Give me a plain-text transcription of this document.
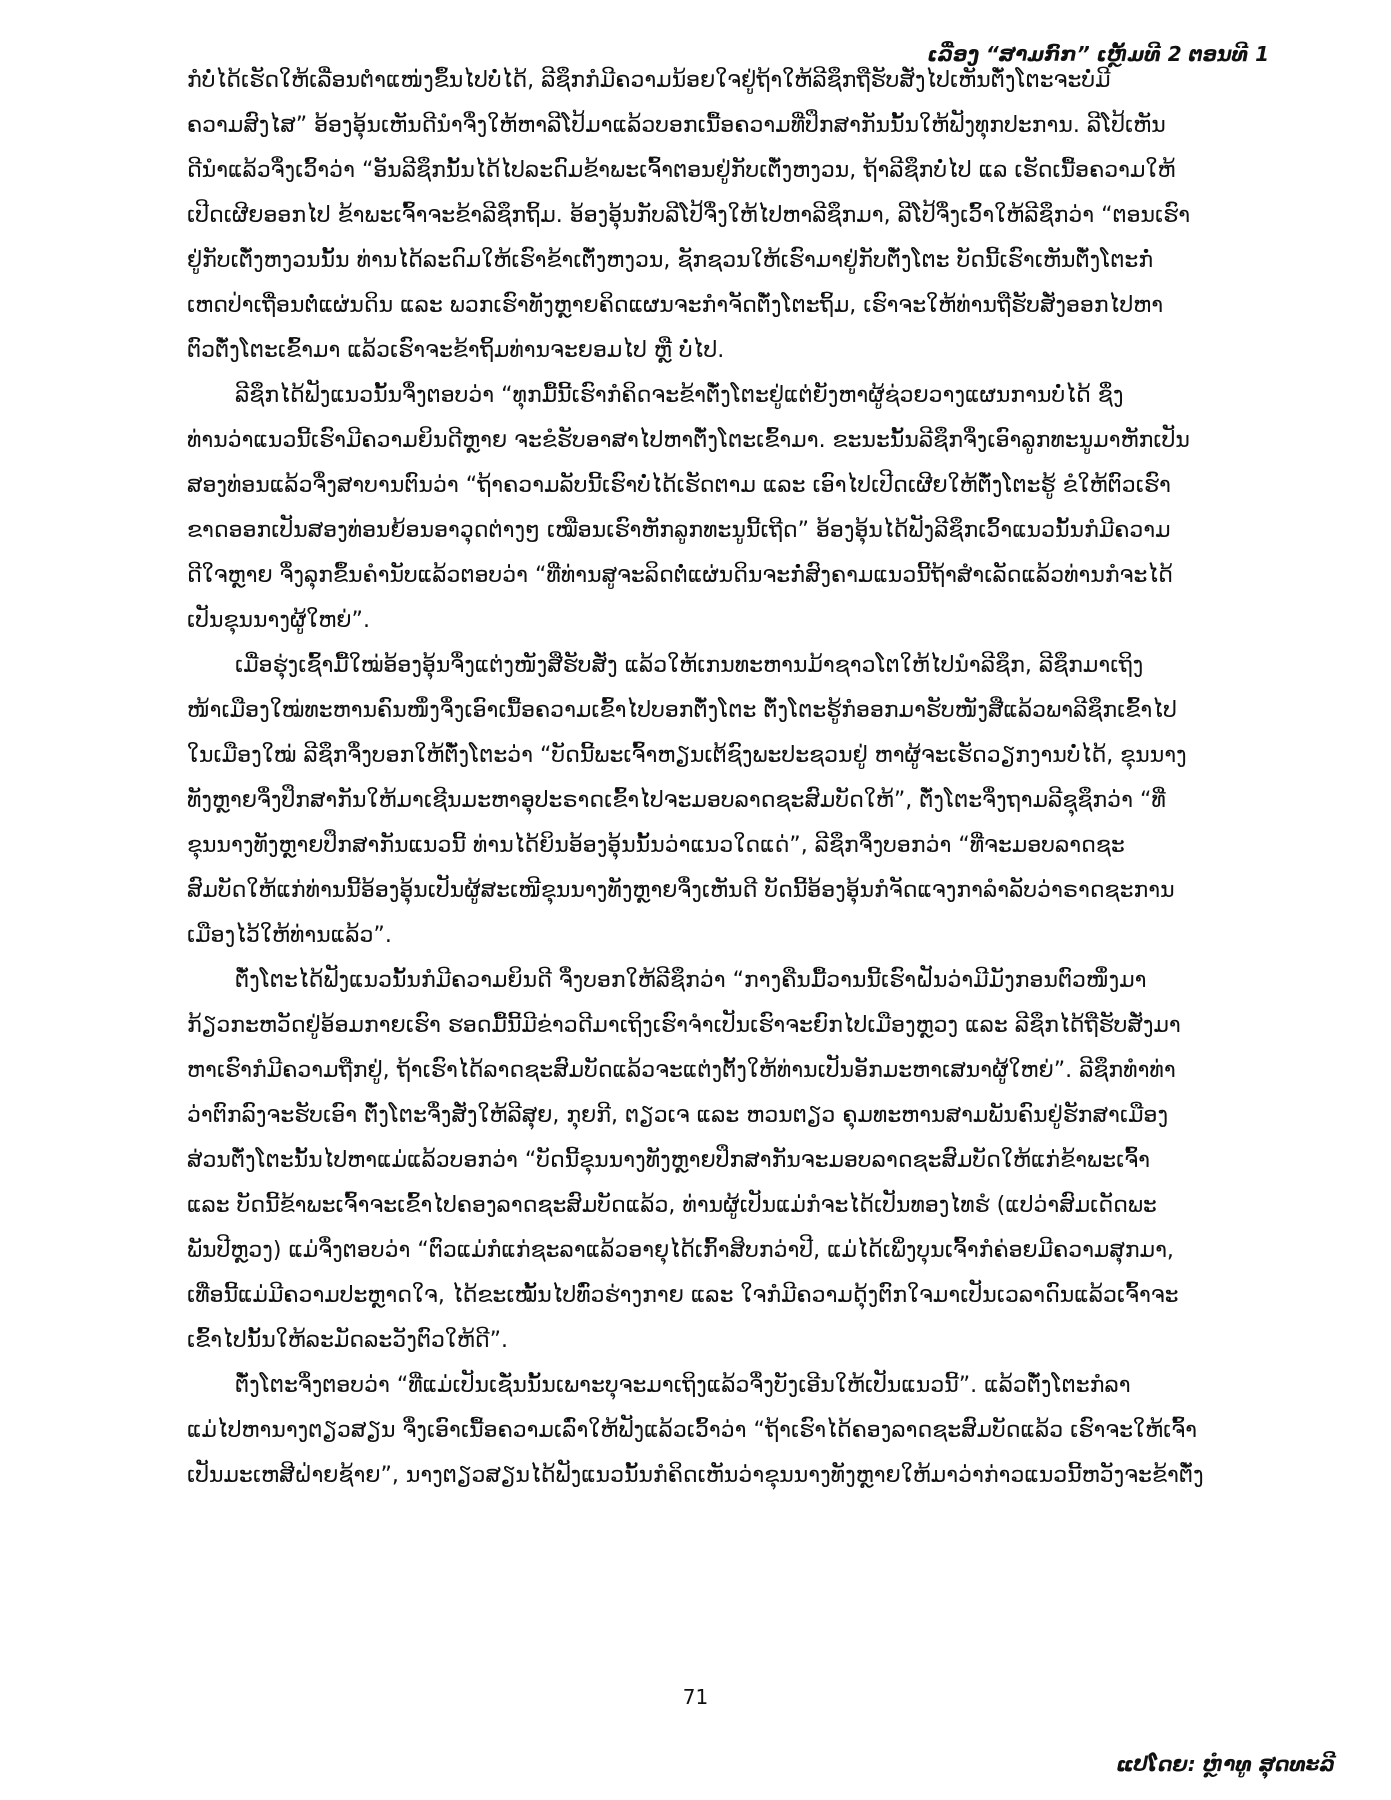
ເລື່ອງ “ສາມກົກ” ເຫຼັ້ມທີ 2 ຕອນທີ 1
ກໍບໍ່ໄດ້ເຮັດໃຫ້ເລື່ອນຕໍາແໜ່ງຂຶ້ນໄປບໍ່ໄດ້, ລີຊຶກກໍມີຄວາມນ້ອຍໃຈຢູ່ຖ້າໃຫ້ລີຊຶກຖືຮັບສັ່ງໄປເຫັນຕັ໋ງໂຕະຈະບໍ່ມີ
ຄວາມສົງໄສ” ອ້ອງອຸ້ນເຫັນດີນໍາຈຶ່ງໃຫ້ຫາລີໂປ້ມາແລ້ວບອກເນື້ອຄວາມທີ່ປຶກສາກັນນັ້ນໃຫ້ຟັງທຸກປະການ. ລີໂປ້ເຫັນ
ດີນໍາແລ້ວຈຶ່ງເວົ້າວ່າ “ອັນລີຊຶກນັ້ນໄດ້ໄປລະດົມຂ້າພະເຈົ້າຕອນຢູ່ກັບເຕັ໋ງຫງວນ, ຖ້າລີຊຶກບໍ່ໄປ ແລ ເຮັດເນື້ອຄວາມໃຫ້
ເປີດເຜີຍອອກໄປ ຂ້າພະເຈົ້າຈະຂ້າລີຊຶກຖິ້ມ. ອ້ອງອຸ້ນກັບລີໂປ້ຈຶ່ງໃຫ້ໄປຫາລີຊຶກມາ, ລີໂປ້ຈຶ່ງເວົ້າໃຫ້ລີຊຶກວ່າ “ຕອນເຮົາ
ຢູ່ກັບເຕັ໋ງຫງວນນັ້ນ ທ່ານໄດ້ລະດົມໃຫ້ເຮົາຂ້າເຕັ໋ງຫງວນ, ຊັກຊວນໃຫ້ເຮົາມາຢູ່ກັບຕັ໋ງໂຕະ ບັດນີ້ເຮົາເຫັນຕັ໋ງໂຕະກໍ່
ເຫດປ່າເຖື່ອນຕໍ່ແຜ່ນດິນ ແລະ ພວກເຮົາທັງຫຼາຍຄິດແຜນຈະກໍາຈັດຕັ໋ງໂຕະຖິ້ມ, ເຮົາຈະໃຫ້ທ່ານຖືຮັບສັ່ງອອກໄປຫາ
ຕົວຕັ໋ງໂຕະເຂົ້າມາ ແລ້ວເຮົາຈະຂ້າຖິ້ມທ່ານຈະຍອມໄປ ຫຼື ບໍ່ໄປ.
ລີຊຶກໄດ້ຟັງແນວນັ້ນຈຶ່ງຕອບວ່າ “ທຸກມື້ນີ້ເຮົາກໍຄິດຈະຂ້າຕັ໋ງໂຕະຢູ່ແຕ່ຍັງຫາຜູ້ຊ່ວຍວາງແຜນການບໍ່ໄດ້ ຊຶ່ງ
ທ່ານວ່າແນວນີ້ເຮົາມີຄວາມຍິນດີຫຼາຍ ຈະຂໍຮັບອາສາໄປຫາຕັ໋ງໂຕະເຂົ້າມາ. ຂະນະນັ້ນລີຊຶກຈຶ່ງເອົາລູກທະນູມາຫັກເປັນ
ສອງທ່ອນແລ້ວຈຶ່ງສາບານຕົນວ່າ “ຖ້າຄວາມລັບນີ້ເຮົາບໍ່ໄດ້ເຮັດຕາມ ແລະ ເອົາໄປເປີດເຜີຍໃຫ້ຕັ໋ງໂຕະຮູ້ ຂໍໃຫ້ຕົວເຮົາ
ຂາດອອກເປັນສອງທ່ອນຍ້ອນອາວຸດຕ່າງໆ ເໝືອນເຮົາຫັກລູກທະນູນີ້ເຖີດ” ອ້ອງອຸ້ນໄດ້ຟັງລີຊຶກເວົ້າແນວນັ້ນກໍມີຄວາມ
ດີໃຈຫຼາຍ ຈຶ່ງລຸກຂຶ້ນຄໍານັບແລ້ວຕອບວ່າ “ທີ່ທ່ານສູຈະລິດຕໍ່ແຜ່ນດິນຈະກໍ່ສົງຄາມແນວນີ້ຖ້າສໍາເລັດແລ້ວທ່ານກໍຈະໄດ້
ເປັນຂຸນນາງຜູ້ໃຫຍ່”.
ເມື່ອຮຸ່ງເຊົ້າມື້ໃໝ່ອ້ອງອຸ້ນຈຶ່ງແຕ່ງໜັງສືຮັບສັ່ງ ແລ້ວໃຫ້ເກນທະຫານມ້າຊາວໂຕໃຫ້ໄປນໍາລີຊຶກ, ລີຊຶກມາເຖິງ
ໜ້າເມືອງໃໝ່ທະຫານຄົນໜຶ່ງຈຶ່ງເອົາເນື້ອຄວາມເຂົ້າໄປບອກຕັ໋ງໂຕະ ຕັ໋ງໂຕະຮູ້ກໍອອກມາຮັບໜັງສືແລ້ວພາລີຊຶກເຂົ້າໄປ
ໃນເມືອງໃໝ່ ລີຊຶກຈຶ່ງບອກໃຫ້ຕັ໋ງໂຕະວ່າ “ບັດນີ້ພະເຈົ້າຫຽນເຕ້ຊົງພະປະຊວນຢູ່ ຫາຜູ້ຈະເຮັດວຽກງານບໍ່ໄດ້, ຂຸນນາງ
ທັງຫຼາຍຈຶ່ງປຶກສາກັນໃຫ້ມາເຊີນມະຫາອຸປະຣາດເຂົ້າໄປຈະມອບລາດຊະສົມບັດໃຫ້”, ຕັ໋ງໂຕະຈຶ່ງຖາມລີຊຸຊຶກວ່າ “ທີ່
ຂຸນນາງທັງຫຼາຍປຶກສາກັນແນວນີ້ ທ່ານໄດ້ຍິນອ້ອງອຸ້ນນັ້ນວ່າແນວໃດແດ່”, ລີຊຶກຈຶ່ງບອກວ່າ “ທີ່ຈະມອບລາດຊະ
ສົມບັດໃຫ້ແກ່ທ່ານນີ້ອ້ອງອຸ້ນເປັນຜູ້ສະເໜີຂຸນນາງທັງຫຼາຍຈຶ່ງເຫັນດີ ບັດນີ້ອ້ອງອຸ້ນກໍຈັດແຈງກາລໍາລັບວ່າຣາດຊະການ
ເມືອງໄວ້ໃຫ້ທ່ານແລ້ວ”.
ຕັ໋ງໂຕະໄດ້ຟັງແນວນັ້ນກໍມີຄວາມຍິນດີ ຈຶ່ງບອກໃຫ້ລີຊຶກວ່າ “ກາງຄືນມື້ວານນີ້ເຮົາຝັນວ່າມີມັງກອນຕົວໜຶ່ງມາ
ກ້ຽວກະຫວັດຢູ່ອ້ອມກາຍເຮົາ ຮອດມື້ນີ້ມີຂ່າວດີມາເຖິງເຮົາຈໍາເປັນເຮົາຈະຍົກໄປເມືອງຫຼວງ ແລະ ລີຊຶກໄດ້ຖືຮັບສັ່ງມາ
ຫາເຮົາກໍມີຄວາມຖືກຢູ່, ຖ້າເຮົາໄດ້ລາດຊະສົມບັດແລ້ວຈະແຕ່ງຕັ້ງໃຫ້ທ່ານເປັນອັກມະຫາເສນາຜູ້ໃຫຍ່”. ລີຊຶກທໍາທ່າ
ວ່າຕົກລົງຈະຮັບເອົາ ຕັ໋ງໂຕະຈຶ່ງສັ່ງໃຫ້ລີສຸຍ, ກຸຍກີ, ຕຽວເຈ ແລະ ຫວນຕຽວ ຄຸມທະຫານສາມພັນຄົນຢູ່ຮັກສາເມືອງ
ສ່ວນຕັ໋ງໂຕະນັ້ນໄປຫາແມ່ແລ້ວບອກວ່າ “ບັດນີ້ຂຸນນາງທັງຫຼາຍປຶກສາກັນຈະມອບລາດຊະສົມບັດໃຫ້ແກ່ຂ້າພະເຈົ້າ
ແລະ ບັດນີ້ຂ້າພະເຈົ້າຈະເຂົ້າໄປຄອງລາດຊະສົມບັດແລ້ວ, ທ່ານຜູ້ເປັນແມ່ກໍຈະໄດ້ເປັນທອງໄທຮໍ (ແປວ່າສົມເດັດພະ
ພັນປີຫຼວງ) ແມ່ຈຶ່ງຕອບວ່າ “ຕົວແມ່ກໍແກ່ຊະລາແລ້ວອາຍຸໄດ້ເກົ້າສິບກວ່າປີ, ແມ່ໄດ້ເພິ່ງບຸນເຈົ້າກໍຄ່ອຍມີຄວາມສຸກມາ,
ເທື່ອນີ້ແມ່ມີຄວາມປະຫຼາດໃຈ, ໄດ້ຂະເໝັ້ນໄປທົ່ວຮ່າງກາຍ ແລະ ໃຈກໍມີຄວາມດຸ້ງຕົກໃຈມາເປັນເວລາດົນແລ້ວເຈົ້າຈະ
ເຂົ້າໄປນັ້ນໃຫ້ລະມັດລະວັງຕົວໃຫ້ດີ”.
ຕັ໋ງໂຕະຈຶ່ງຕອບວ່າ “ທີ່ແມ່ເປັນເຊັ່ນນັ້ນເພາະບຸຈະມາເຖິງແລ້ວຈຶ່ງບັງເອີນໃຫ້ເປັນແນວນີ້”. ແລ້ວຕັ໋ງໂຕະກໍລາ
ແມ່ໄປຫານາງຕຽວສຽນ ຈຶ່ງເອົາເນື້ອຄວາມເລົ່າໃຫ້ຟັງແລ້ວເວົ້າວ່າ “ຖ້າເຮົາໄດ້ຄອງລາດຊະສົມບັດແລ້ວ ເຮົາຈະໃຫ້ເຈົ້າ
ເປັນມະເຫສີຝ່າຍຊ້າຍ”, ນາງຕຽວສຽນໄດ້ຟັງແນວນັ້ນກໍຄິດເຫັນວ່າຂຸນນາງທັງຫຼາຍໃຫ້ມາວ່າກ່າວແນວນີ້ຫວັງຈະຂ້າຕັ໋ງ
71
ແປໂດຍ: ຫຼໍາທູ ສຸດທະລີ
